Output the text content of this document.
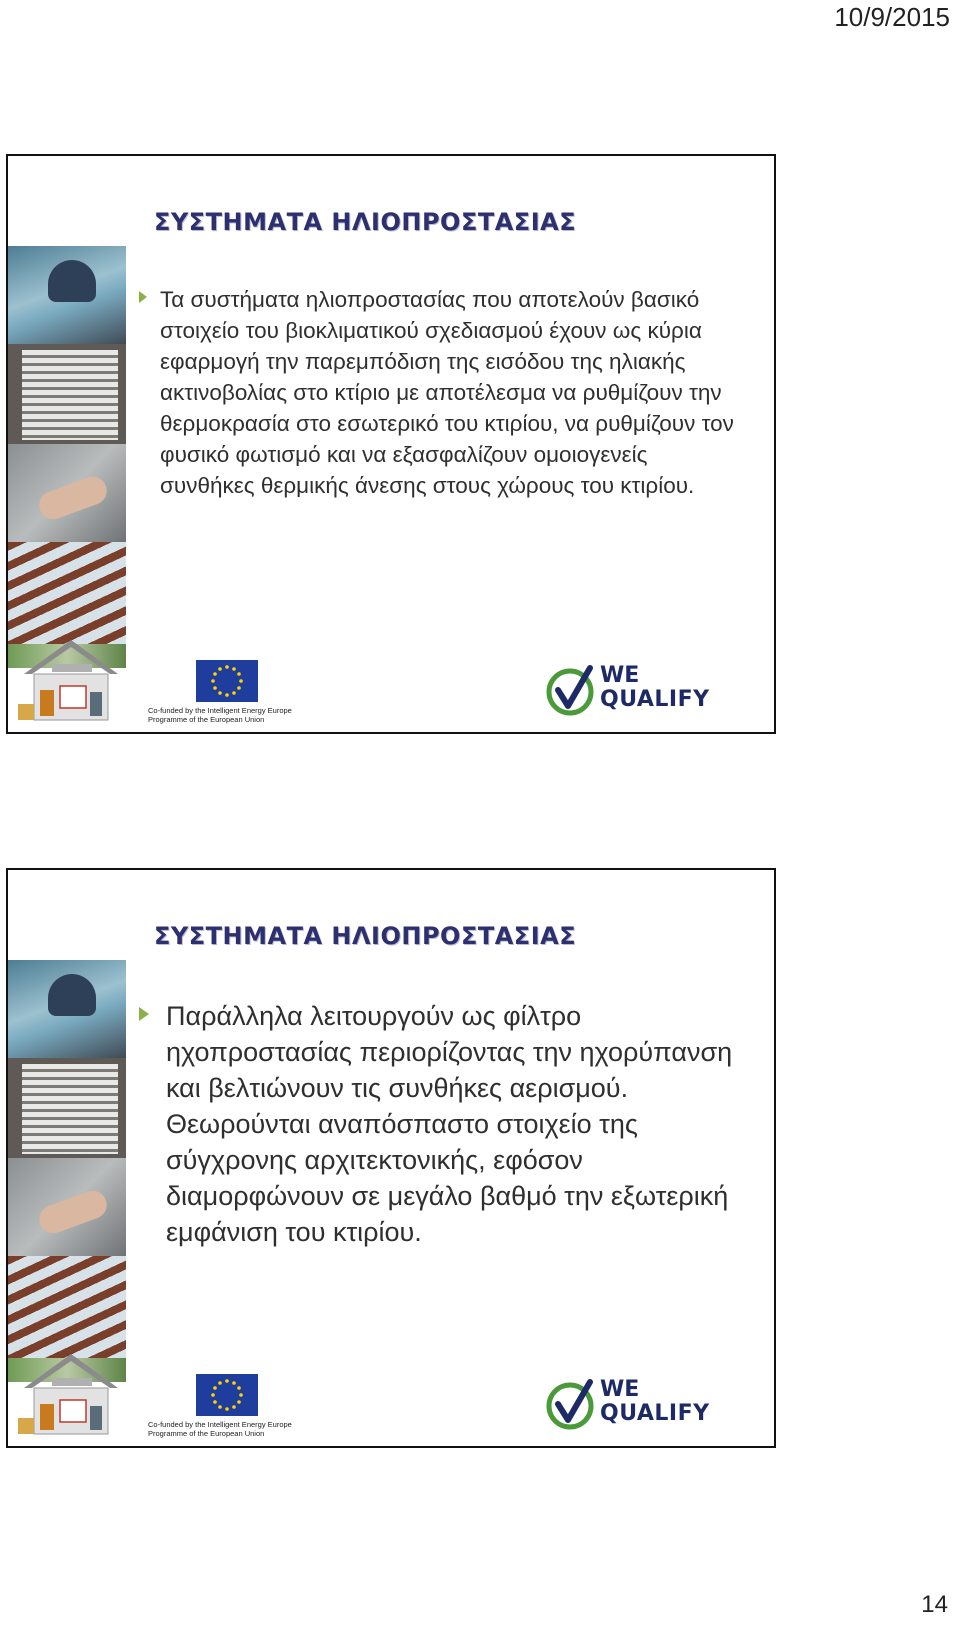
10/9/2015
ΣΥΣΤΗΜΑΤΑ ΗΛΙΟΠΡΟΣΤΑΣΙΑΣ
Τα συστήματα ηλιοπροστασίας που αποτελούν βασικό στοιχείο του βιοκλιματικού σχεδιασμού έχουν ως κύρια εφαρμογή την παρεμπόδιση της εισόδου της ηλιακής ακτινοβολίας στο κτίριο με αποτέλεσμα να ρυθμίζουν την θερμοκρασία στο εσωτερικό του κτιρίου, να ρυθμίζουν τον φυσικό φωτισμό και να εξασφαλίζουν ομοιογενείς συνθήκες θερμικής άνεσης στους χώρους του κτιρίου.
Co-funded by the Intelligent Energy Europe Programme of the European Union
WE
QUALIFY
ΣΥΣΤΗΜΑΤΑ ΗΛΙΟΠΡΟΣΤΑΣΙΑΣ
Παράλληλα λειτουργούν ως φίλτρο ηχοπροστασίας περιορίζοντας την ηχορύπανση και βελτιώνουν τις συνθήκες αερισμού. Θεωρούνται αναπόσπαστο στοιχείο της σύγχρονης αρχιτεκτονικής, εφόσον διαμορφώνουν σε μεγάλο βαθμό την εξωτερική εμφάνιση του κτιρίου.
Co-funded by the Intelligent Energy Europe Programme of the European Union
WE
QUALIFY
14
